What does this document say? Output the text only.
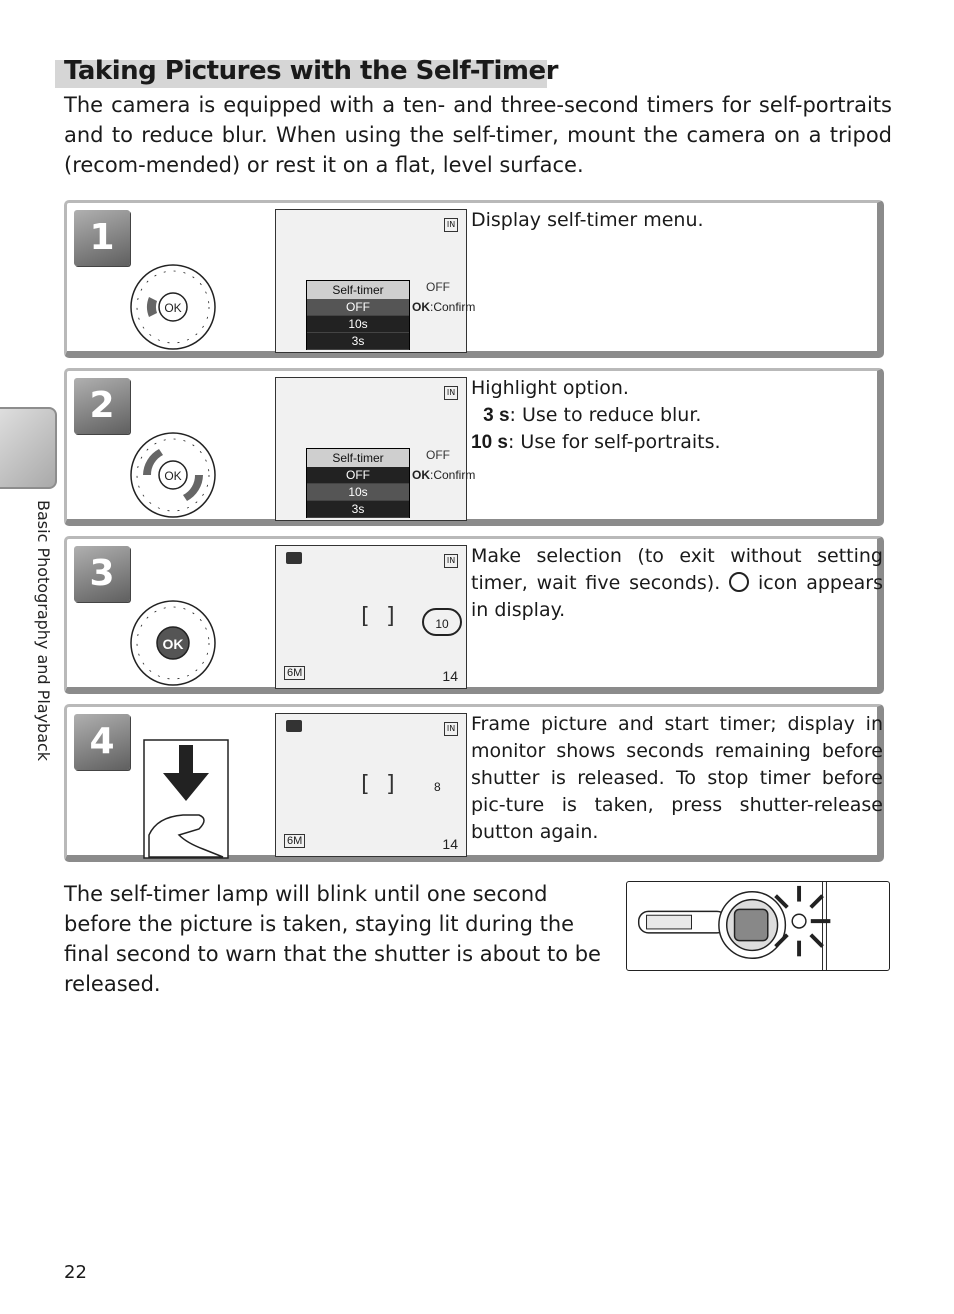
Taking Pictures with the Self-Timer

The camera is equipped with a ten- and three-second timers for self-portraits and to reduce blur. When using the self-timer, mount the camera on a tripod (recom-mended) or rest it on a flat, level surface.

Basic Photography and Playback
1
OK
IN
OFF
Self-timer
OFF
10s
3s
OK:Confirm

Display self-timer menu.

2
OK
IN
OFF
Self-timer
OFF
10s
3s
OK:Confirm
Highlight option.
3 s: Use to reduce blur.
10 s: Use for self-portraits.
3
OK
IN
[ ]	10
6M	14
Make selection (to exit without setting timer, wait five seconds). icon appears in display.
4	IN
[ ]	8
6M	14

Frame picture and start timer; display in monitor shows seconds remaining before shutter is released. To stop timer before pic-ture is taken, press shutter-release button again.

The self-timer lamp will blink until one second before the picture is taken, staying lit during the final second to warn that the shutter is about to be released.

22
